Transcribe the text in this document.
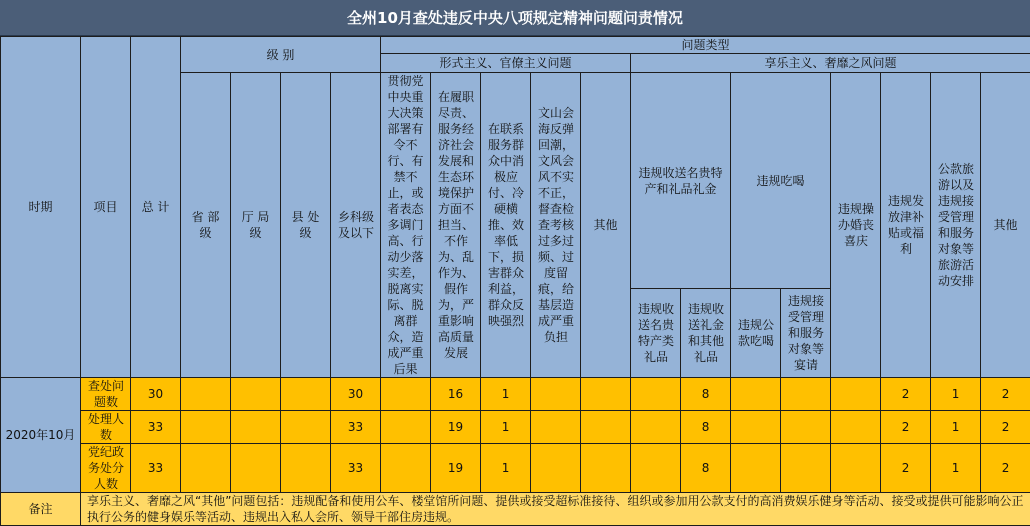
全州10月查处违反中央八项规定精神问题问责情况
时期	项目	总 计	级 别				问题类型												
							形式主义、官僚主义问题					享乐主义、奢靡之风问题							
			省 部 级	厅 局 级	县 处 级	乡科级及以下	贯彻党中央重大决策部署有令不行、有禁不止，或者表态多调门高、行动少落实差，脱离实际、脱离群众，造成严重后果	在履职尽责、服务经济社会发展和生态环境保护方面不担当、不作为、乱作为、假作为，严重影响高质量发展	在联系服务群众中消极应付、冷硬横推、效率低下，损害群众利益，群众反映强烈	文山会海反弹回潮，文风会风不实不正，督查检查考核过多过频、过度留痕，给基层造成严重负担	其他	违规收送名贵特产和礼品礼金		违规吃喝		违规操办婚丧喜庆	违规发放津补贴或福利	公款旅游以及违规接受管理和服务对象等旅游活动安排	其他

												违规收送名贵特产类礼品	违规收送礼金和其他礼品	违规公款吃喝	违规接受管理和服务对象等宴请				
2020年10月	查处问题数	30				30		16	1				8				2	1	2
	处理人数	33				33		19	1				8				2	1	2
	党纪政务处分人数	33				33		19	1				8				2	1	2
备注	享乐主义、奢靡之风“其他”问题包括：违规配备和使用公车、楼堂馆所问题、提供或接受超标准接待、组织或参加用公款支付的高消费娱乐健身等活动、接受或提供可能影响公正执行公务的健身娱乐等活动、违规出入私人会所、领导干部住房违规。																		
